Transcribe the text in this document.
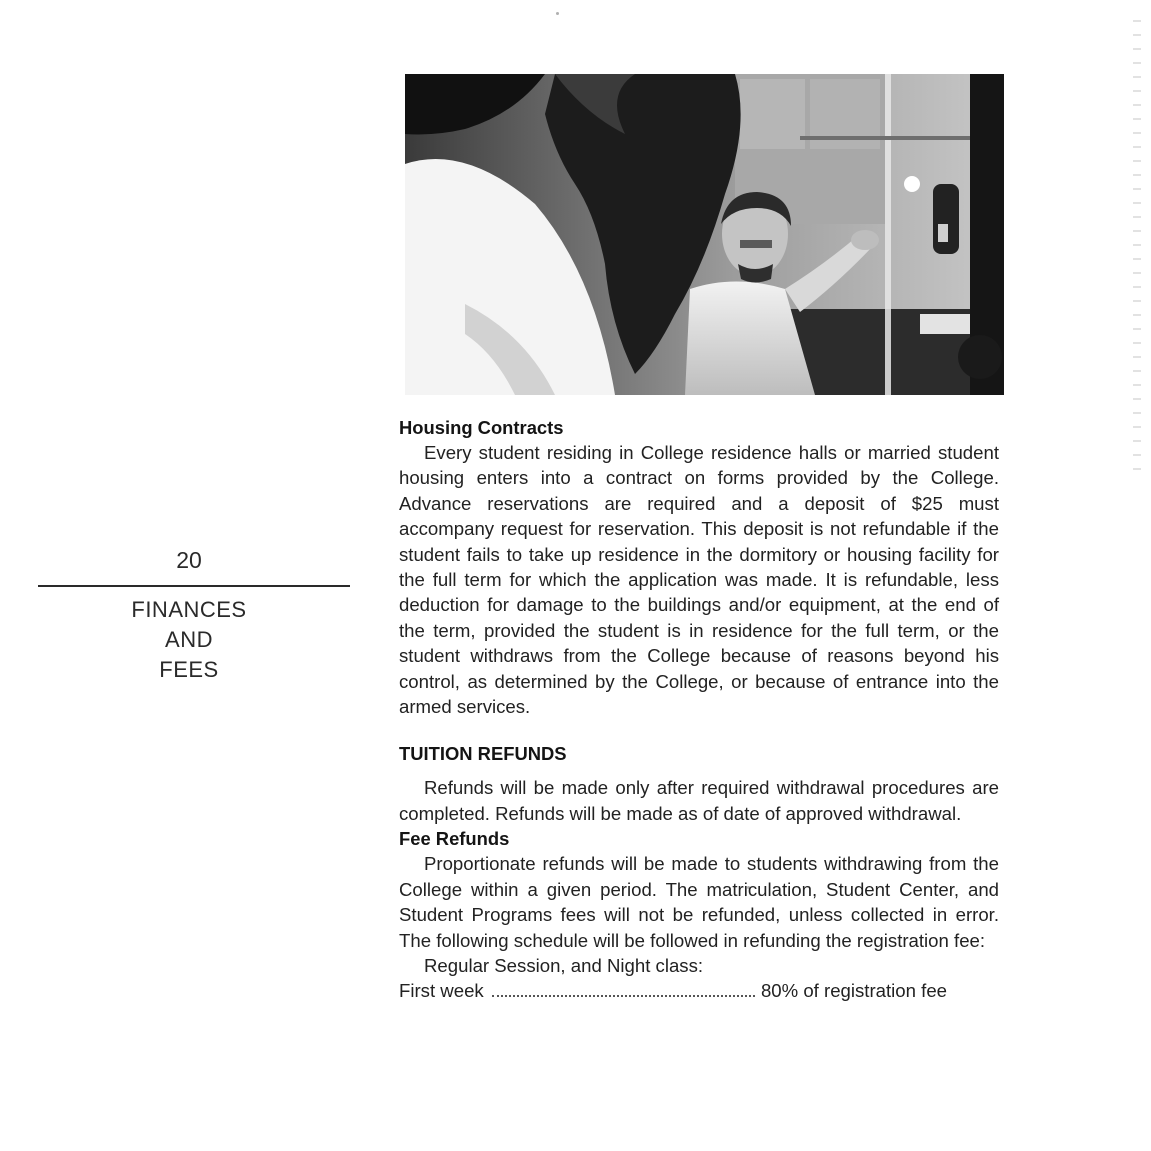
20
FINANCES
AND
FEES
Housing Contracts

Every student residing in College residence halls or married student housing enters into a contract on forms provided by the College. Advance reservations are required and a deposit of $25 must accompany request for reservation. This deposit is not refundable if the student fails to take up residence in the dormitory or housing facility for the full term for which the application was made. It is refundable, less deduction for damage to the buildings and/or equipment, at the end of the term, provided the student is in residence for the full term, or the student withdraws from the College because of reasons beyond his control, as determined by the College, or because of entrance into the armed services.

TUITION REFUNDS

Refunds will be made only after required withdrawal procedures are completed. Refunds will be made as of date of approved withdrawal.

Fee Refunds

Proportionate refunds will be made to students withdrawing from the College within a given period. The matriculation, Student Center, and Student Programs fees will not be refunded, unless collected in error. The following schedule will be followed in refunding the registration fee:

Regular Session, and Night class:
First week	80% of registration fee
